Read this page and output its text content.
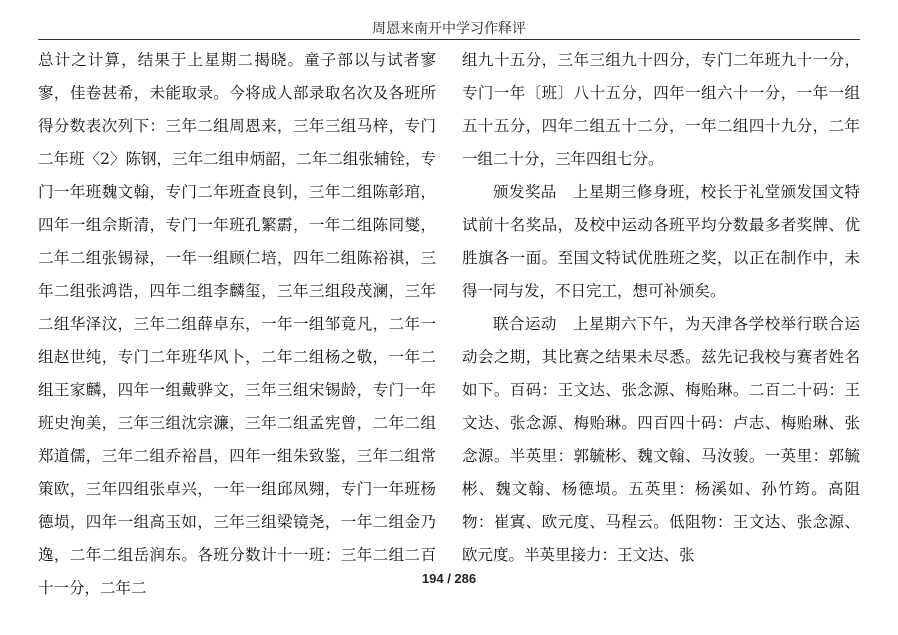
周恩来南开中学习作释评

总计之计算，结果于上星期二揭晓。童子部以与试者寥寥，佳卷甚希，未能取录。今将成人部录取名次及各班所得分数表次列下：三年二组周恩来，三年三组马梓，专门二年班〈2〉陈钢，三年二组申炳韶，二年二组张辅铨，专门一年班魏文翰，专门二年班查良钊，三年二组陈彰琯，四年一组佘斯清，专门一年班孔繁霨，一年二组陈同燮，二年二组张锡禄，一年一组顾仁培，四年二组陈裕祺，三年二组张鸿诰，四年二组李麟玺，三年三组段茂澜，三年二组华泽汶，三年二组薛卓东，一年一组邹竟凡，二年一组赵世纯，专门二年班华风卜，二年二组杨之敬，一年二组王家麟，四年一组戴骅文，三年三组宋锡龄，专门一年班史洵美，三年三组沈宗濂，三年二组孟宪曾，二年二组郑道儒，三年二组乔裕昌，四年一组朱致鉴，三年二组常策欧，三年四组张卓兴，一年一组邱凤翙，专门一年班杨德埙，四年一组高玉如，三年三组梁镜尧，一年二组金乃逸，二年二组岳润东。各班分数计十一班：三年二组二百十一分，二年二

组九十五分，三年三组九十四分，专门二年班九十一分，专门一年〔班〕八十五分，四年一组六十一分，一年一组五十五分，四年二组五十二分，一年二组四十九分，二年一组二十分，三年四组七分。

颁发奖品　上星期三修身班，校长于礼堂颁发国文特试前十名奖品，及校中运动各班平均分数最多者奖牌、优胜旗各一面。至国文特试优胜班之奖，以正在制作中，未得一同与发，不日完工，想可补颁矣。

联合运动　上星期六下午，为天津各学校举行联合运动会之期，其比赛之结果未尽悉。兹先记我校与赛者姓名如下。百码：王文达、张念源、梅贻琳。二百二十码：王文达、张念源、梅贻琳。四百四十码：卢志、梅贻琳、张念源。半英里：郭毓彬、魏文翰、马汝骏。一英里：郭毓彬、魏文翰、杨德埙。五英里：杨溪如、孙竹筠。高阻物：崔寘、欧元度、马程云。低阻物：王文达、张念源、欧元度。半英里接力：王文达、张

194 / 286
